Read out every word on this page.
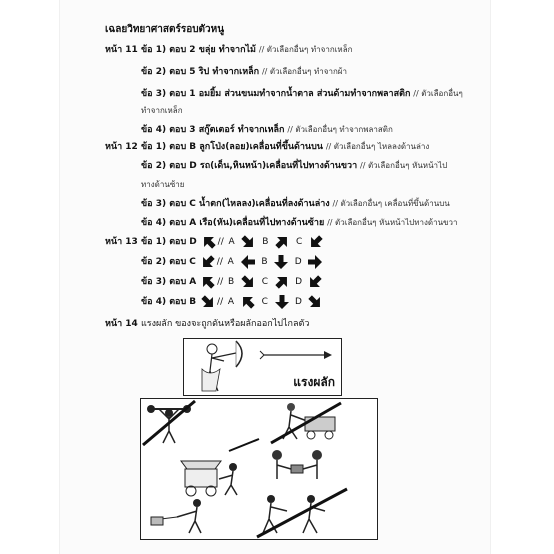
เฉลยวิทยาศาสตร์รอบตัวหนู
หน้า 11 ข้อ 1) ตอบ 2 ขลุ่ย ทำจากไม้ // ตัวเลือกอื่นๆ ทำจากเหล็ก
ข้อ 2) ตอบ 5 ริป ทำจากเหล็ก // ตัวเลือกอื่นๆ ทำจากผ้า
ข้อ 3) ตอบ 1 อมยิ้ม ส่วนขนมทำจากน้ำตาล ส่วนด้ามทำจากพลาสติก // ตัวเลือกอื่นๆ
ทำจากเหล็ก
ข้อ 4) ตอบ 3 สกู๊ตเตอร์ ทำจากเหล็ก // ตัวเลือกอื่นๆ ทำจากพลาสติก
หน้า 12 ข้อ 1) ตอบ B ลูกโป่ง(ลอย)เคลื่อนที่ขึ้นด้านบน // ตัวเลือกอื่นๆ ไหลลงด้านล่าง
ข้อ 2) ตอบ D รถ(เด็น,หินหน้า)เคลื่อนที่ไปทางด้านขวา // ตัวเลือกอื่นๆ หันหน้าไป
ทางด้านซ้าย
ข้อ 3) ตอบ C น้ำตก(ไหลลง)เคลื่อนที่ลงด้านล่าง // ตัวเลือกอื่นๆ เคลื่อนที่ขึ้นด้านบน
ข้อ 4) ตอบ A เรือ(หัน)เคลื่อนที่ไปทางด้านซ้าย // ตัวเลือกอื่นๆ หันหน้าไปทางด้านขวา
หน้า 13 ข้อ 1) ตอบ D // A	B	C
ข้อ 2) ตอบ C // A	B	D
ข้อ 3) ตอบ A // B	C	D
ข้อ 4) ตอบ B // A	C	D
หน้า 14 แรงผลัก ของจะถูกดันหรือผลักออกไปไกลตัว
แรงผลัก
